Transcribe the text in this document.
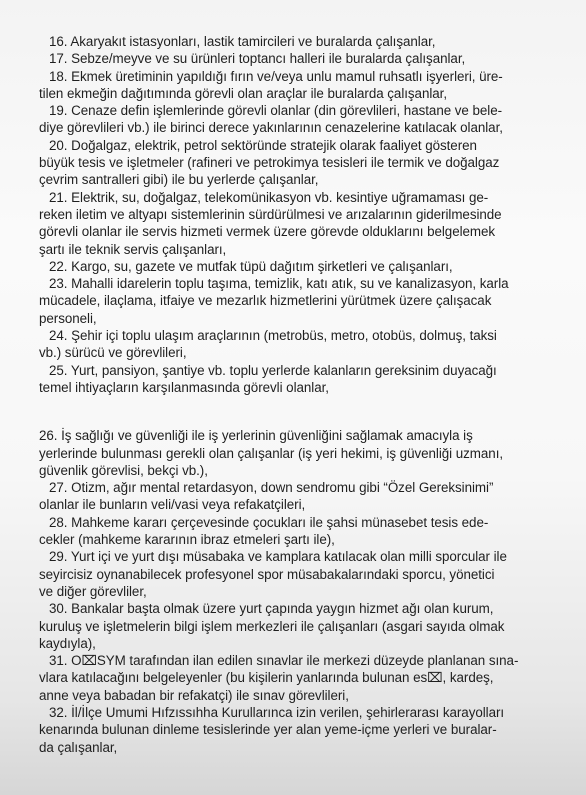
16. Akaryakıt istasyonları, lastik tamircileri ve buralarda çalışanlar,
17. Sebze/meyve ve su ürünleri toptancı halleri ile buralarda çalışanlar,
18. Ekmek üretiminin yapıldığı fırın ve/veya unlu mamul ruhsatlı işyerleri, üre-
tilen ekmeğin dağıtımında görevli olan araçlar ile buralarda çalışanlar,
19. Cenaze defin işlemlerinde görevli olanlar (din görevlileri, hastane ve bele-
diye görevlileri vb.) ile birinci derece yakınlarının cenazelerine katılacak olanlar,
20. Doğalgaz, elektrik, petrol sektöründe stratejik olarak faaliyet gösteren
büyük tesis ve işletmeler (rafineri ve petrokimya tesisleri ile termik ve doğalgaz
çevrim santralleri gibi) ile bu yerlerde çalışanlar,
21. Elektrik, su, doğalgaz, telekomünikasyon vb. kesintiye uğramaması ge-
reken iletim ve altyapı sistemlerinin sürdürülmesi ve arızalarının giderilmesinde
görevli olanlar ile servis hizmeti vermek üzere görevde olduklarını belgelemek
şartı ile teknik servis çalışanları,
22. Kargo, su, gazete ve mutfak tüpü dağıtım şirketleri ve çalışanları,
23. Mahalli idarelerin toplu taşıma, temizlik, katı atık, su ve kanalizasyon, karla
mücadele, ilaçlama, itfaiye ve mezarlık hizmetlerini yürütmek üzere çalışacak
personeli,
24. Şehir içi toplu ulaşım araçlarının (metrobüs, metro, otobüs, dolmuş, taksi
vb.) sürücü ve görevlileri,
25. Yurt, pansiyon, şantiye vb. toplu yerlerde kalanların gereksinim duyacağı
temel ihtiyaçların karşılanmasında görevli olanlar,
26. İş sağlığı ve güvenliği ile iş yerlerinin güvenliğini sağlamak amacıyla iş
yerlerinde bulunması gerekli olan çalışanlar (iş yeri hekimi, iş güvenliği uzmanı,
güvenlik görevlisi, bekçi vb.),
27. Otizm, ağır mental retardasyon, down sendromu gibi “Özel Gereksinimi”
olanlar ile bunların veli/vasi veya refakatçileri,
28. Mahkeme kararı çerçevesinde çocukları ile şahsi münasebet tesis ede-
cekler (mahkeme kararının ibraz etmeleri şartı ile),
29. Yurt içi ve yurt dışı müsabaka ve kamplara katılacak olan milli sporcular ile
seyircisiz oynanabilecek profesyonel spor müsabakalarındaki sporcu, yönetici
ve diğer görevliler,
30. Bankalar başta olmak üzere yurt çapında yaygın hizmet ağı olan kurum,
kuruluş ve işletmelerin bilgi işlem merkezleri ile çalışanları (asgari sayıda olmak
kaydıyla),
31. O⌧SYM tarafından ilan edilen sınavlar ile merkezi düzeyde planlanan sına-
vlara katılacağını belgeleyenler (bu kişilerin yanlarında bulunan es⌧, kardeş,
anne veya babadan bir refakatçi) ile sınav görevlileri,
32. İl/İlçe Umumi Hıfzıssıhha Kurullarınca izin verilen, şehirlerarası karayolları
kenarında bulunan dinleme tesislerinde yer alan yeme-içme yerleri ve buralar-
da çalışanlar,
